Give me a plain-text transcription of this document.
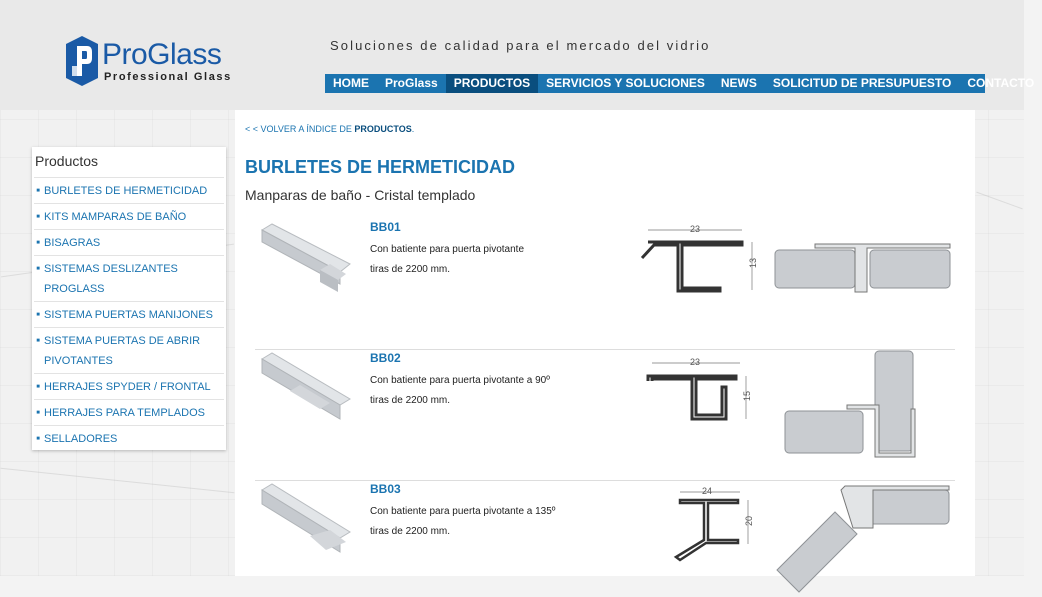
ProGlass
Professional Glass
Soluciones de calidad para el mercado del vidrio
HOME	ProGlass	PRODUCTOS	SERVICIOS Y SOLUCIONES	NEWS	SOLICITUD DE PRESUPUESTO	CONTACTO
Productos
■ BURLETES DE HERMETICIDAD
■ KITS MAMPARAS DE BAÑO
■ BISAGRAS
■ SISTEMAS DESLIZANTES PROGLASS
■ SISTEMA PUERTAS MANIJONES
■ SISTEMA PUERTAS DE ABRIR PIVOTANTES
■ HERRAJES SPYDER / FRONTAL
■ HERRAJES PARA TEMPLADOS
■ SELLADORES
< < VOLVER A ÍNDICE DE PRODUCTOS.
BURLETES DE HERMETICIDAD
Manparas de baño - Cristal templado
BB01
Con batiente para puerta pivotante
tiras de 2200 mm.
23
13
BB02
Con batiente para puerta pivotante a 90º
tiras de 2200 mm.
23
15
BB03
Con batiente para puerta pivotante a 135º
tiras de 2200 mm.
24
20
